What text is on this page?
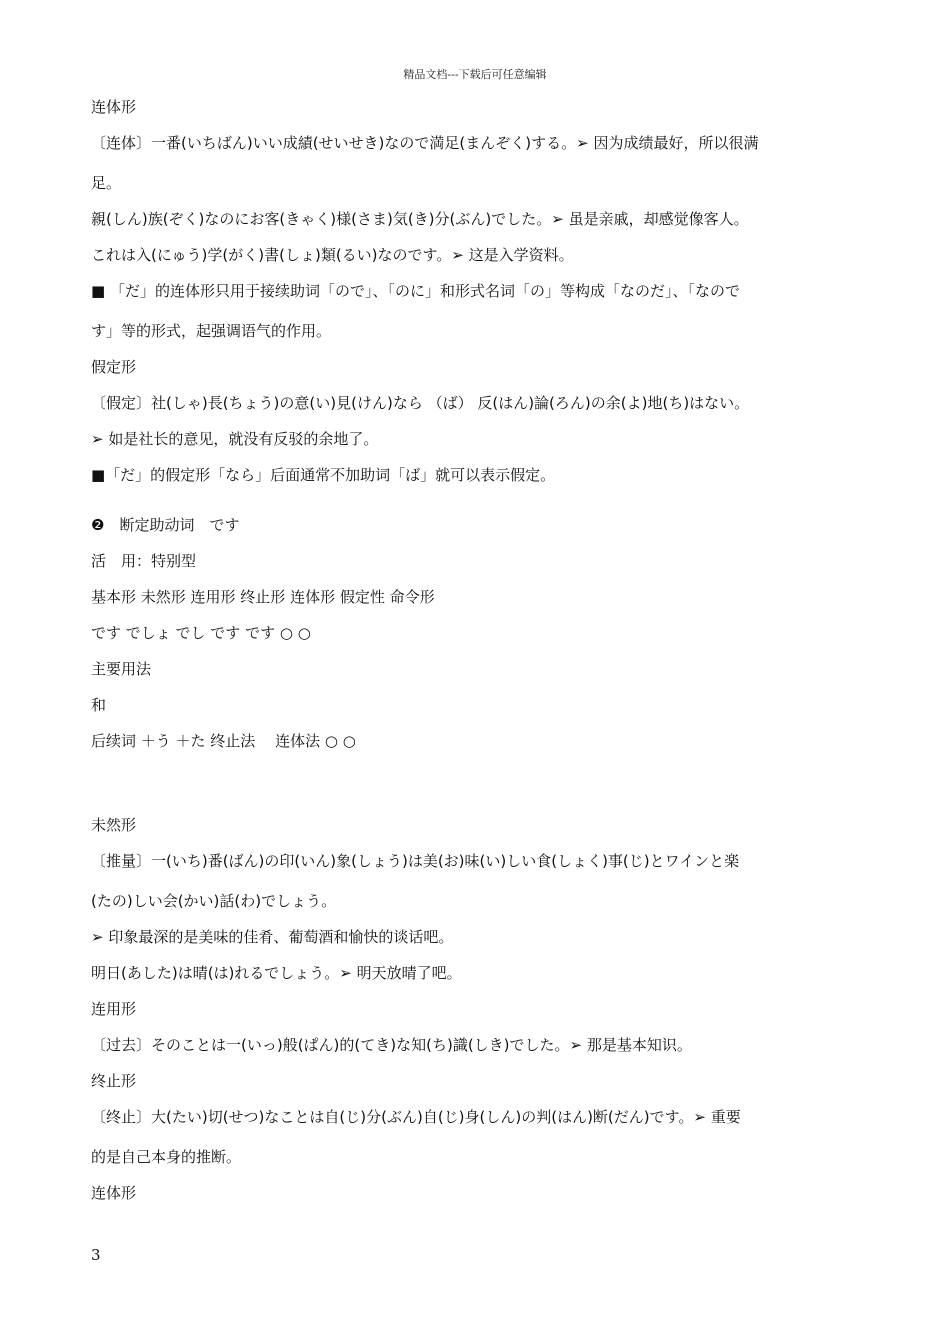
精品文档---下载后可任意编辑
连体形
〔连体〕一番(いちばん)いい成績(せいせき)なので満足(まんぞく)する。➢ 因为成绩最好，所以很满
足。
親(しん)族(ぞく)なのにお客(きゃく)様(さま)気(き)分(ぶん)でした。➢ 虽是亲戚，却感觉像客人。
これは入(にゅう)学(がく)書(しょ)類(るい)なのです。➢ 这是入学资料。
■ 「だ」的连体形只用于接续助词「ので」、「のに」和形式名词「の」等构成「なのだ」、「なので
す」等的形式，起强调语气的作用。
假定形
〔假定〕社(しゃ)長(ちょう)の意(い)見(けん)なら （ば） 反(はん)論(ろん)の余(よ)地(ち)はない。
➢ 如是社长的意见，就没有反驳的余地了。
■「だ」的假定形「なら」后面通常不加助词「ば」就可以表示假定。
❷　断定助动词　です
活　用：特别型
基本形 未然形 连用形 终止形 连体形 假定性 命令形
です でしょ でし です です ○ ○
主要用法
和
后续词 ＋う ＋た 终止法　 连体法 ○ ○
未然形
〔推量〕一(いち)番(ばん)の印(いん)象(しょう)は美(お)味(い)しい食(しょく)事(じ)とワインと楽
(たの)しい会(かい)話(わ)でしょう。
➢ 印象最深的是美味的佳肴、葡萄酒和愉快的谈话吧。
明日(あした)は晴(は)れるでしょう。➢ 明天放晴了吧。
连用形
〔过去〕そのことは一(いっ)般(ぱん)的(てき)な知(ち)識(しき)でした。➢ 那是基本知识。
终止形
〔终止〕大(たい)切(せつ)なことは自(じ)分(ぶん)自(じ)身(しん)の判(はん)断(だん)です。➢ 重要
的是自己本身的推断。
连体形
3
